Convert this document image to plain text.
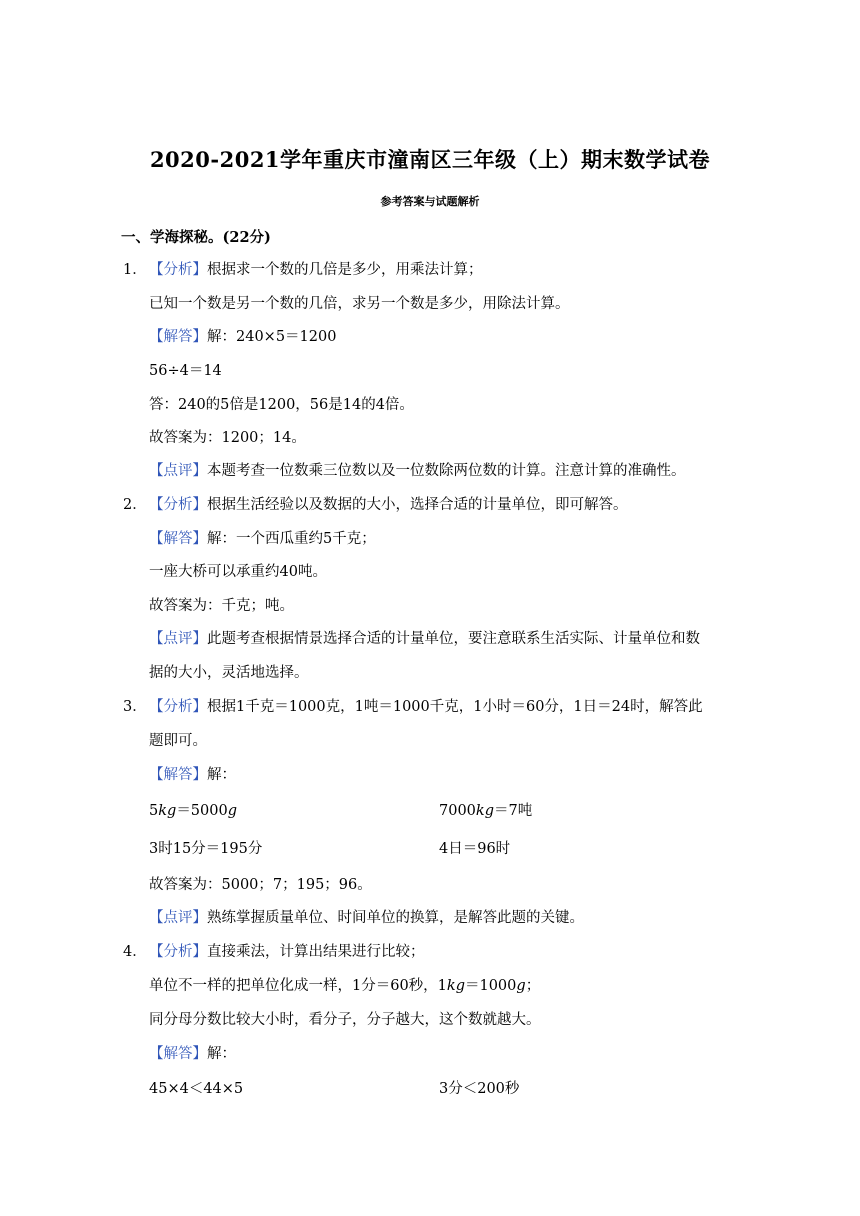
2020-2021学年重庆市潼南区三年级（上）期末数学试卷
参考答案与试题解析
一、学海探秘。(22分)
1． 【分析】根据求一个数的几倍是多少，用乘法计算；
已知一个数是另一个数的几倍，求另一个数是多少，用除法计算。
【解答】解：240×5＝1200
56÷4＝14
答：240的5倍是1200，56是14的4倍。
故答案为：1200；14。
【点评】本题考查一位数乘三位数以及一位数除两位数的计算。注意计算的准确性。
2． 【分析】根据生活经验以及数据的大小，选择合适的计量单位，即可解答。
【解答】解：一个西瓜重约5千克；
一座大桥可以承重约40吨。
故答案为：千克；吨。
【点评】此题考查根据情景选择合适的计量单位，要注意联系生活实际、计量单位和数
据的大小，灵活地选择。
3． 【分析】根据1千克＝1000克，1吨＝1000千克，1小时＝60分，1日＝24时，解答此
题即可。
【解答】解：
5kg＝5000g	7000kg＝7吨
3时15分＝195分	4日＝96时
故答案为：5000；7；195；96。
【点评】熟练掌握质量单位、时间单位的换算，是解答此题的关键。
4． 【分析】直接乘法，计算出结果进行比较；
单位不一样的把单位化成一样，1分＝60秒，1kg＝1000g；
同分母分数比较大小时，看分子，分子越大，这个数就越大。
【解答】解：
45×4＜44×5	3分＜200秒
